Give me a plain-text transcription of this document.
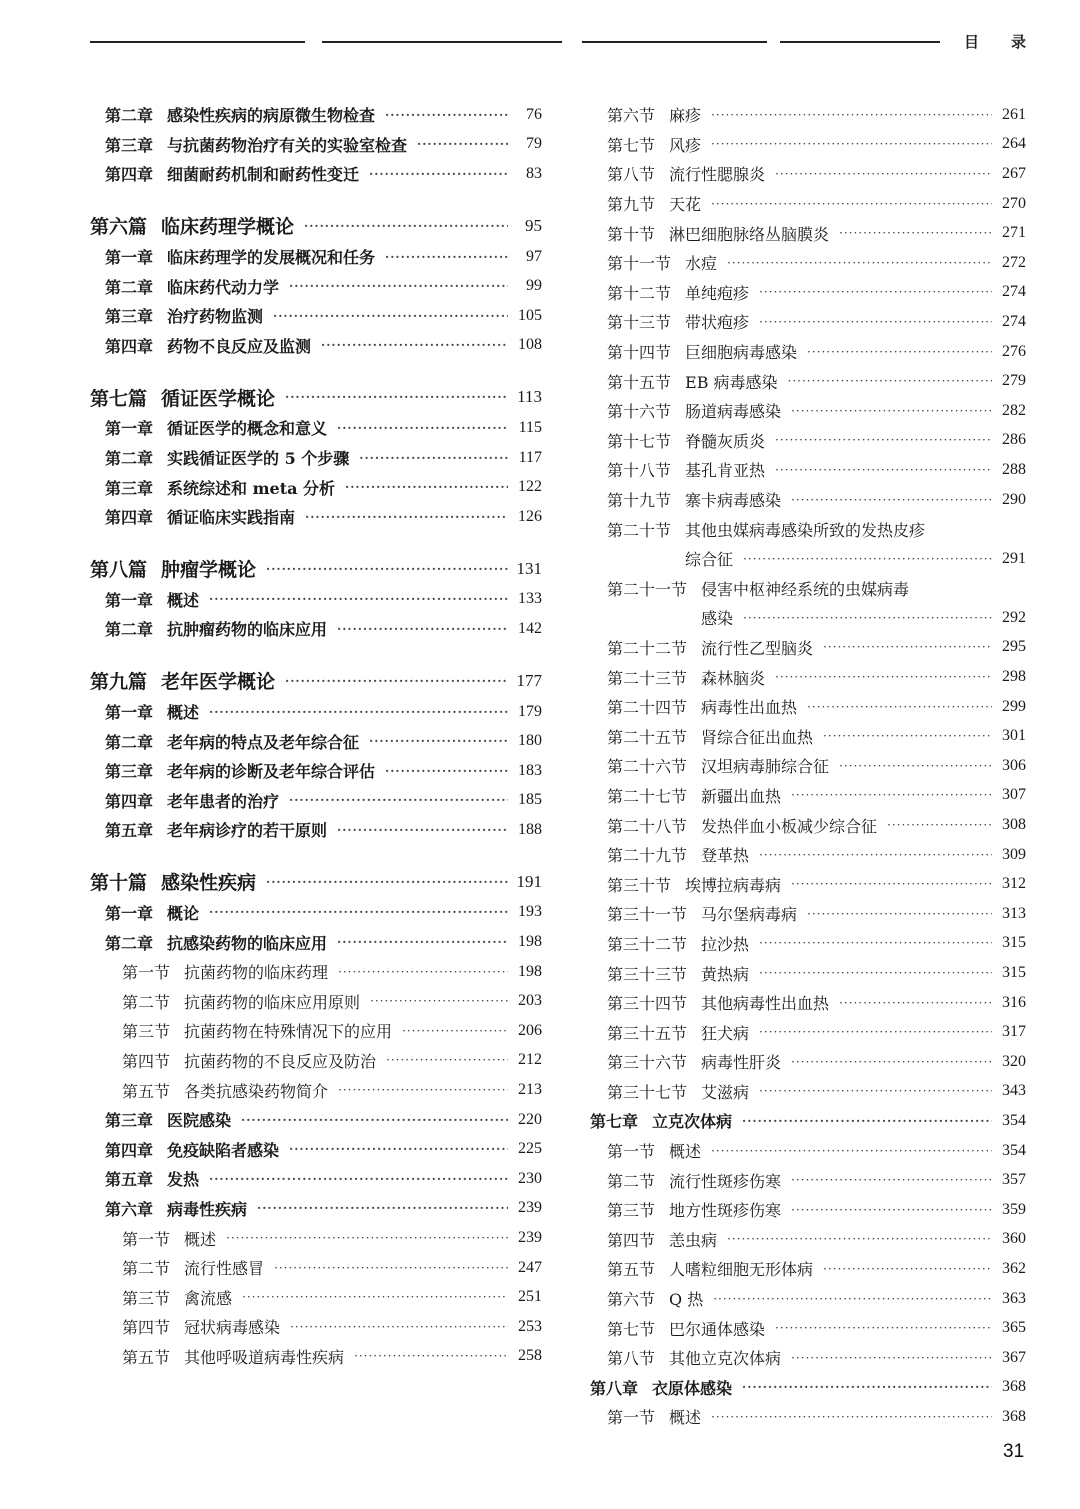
目录
第二章 感染性疾病的病原微生物检查 ·····	76
第三章 与抗菌药物治疗有关的实验室检查 ·····	79
第四章 细菌耐药机制和耐药性变迁 ·····	83
第六篇 临床药理学概论 ·····	95
第一章 临床药理学的发展概况和任务 ·····	97
第二章 临床药代动力学 ·····	99
第三章 治疗药物监测 ·····	105
第四章 药物不良反应及监测 ·····	108
第七篇 循证医学概论 ·····	113
第一章 循证医学的概念和意义 ·····	115
第二章 实践循证医学的 5 个步骤 ·····	117
第三章 系统综述和 meta 分析 ·····	122
第四章 循证临床实践指南 ·····	126
第八篇 肿瘤学概论 ·····	131
第一章 概述 ·····	133
第二章 抗肿瘤药物的临床应用 ·····	142
第九篇 老年医学概论 ·····	177
第一章 概述 ·····	179
第二章 老年病的特点及老年综合征 ·····	180
第三章 老年病的诊断及老年综合评估 ·····	183
第四章 老年患者的治疗 ·····	185
第五章 老年病诊疗的若干原则 ·····	188
第十篇 感染性疾病 ·····	191
第一章 概论 ·····	193
第二章 抗感染药物的临床应用 ·····	198
第一节 抗菌药物的临床药理 ·····	198
第二节 抗菌药物的临床应用原则 ·····	203
第三节 抗菌药物在特殊情况下的应用 ·····	206
第四节 抗菌药物的不良反应及防治 ·····	212
第五节 各类抗感染药物简介 ·····	213
第三章 医院感染 ·····	220
第四章 免疫缺陷者感染 ·····	225
第五章 发热 ·····	230
第六章 病毒性疾病 ·····	239
第一节 概述 ·····	239
第二节 流行性感冒 ·····	247
第三节 禽流感 ·····	251
第四节 冠状病毒感染 ·····	253
第五节 其他呼吸道病毒性疾病 ·····	258
第六节 麻疹 ·····	261
第七节 风疹 ·····	264
第八节 流行性腮腺炎 ·····	267
第九节 天花 ·····	270
第十节 淋巴细胞脉络丛脑膜炎 ·····	271
第十一节 水痘 ·····	272
第十二节 单纯疱疹 ·····	274
第十三节 带状疱疹 ·····	274
第十四节 巨细胞病毒感染 ·····	276
第十五节 EB 病毒感染 ·····	279
第十六节 肠道病毒感染 ·····	282
第十七节 脊髓灰质炎 ·····	286
第十八节 基孔肯亚热 ·····	288
第十九节 寨卡病毒感染 ·····	290
第二十节 其他虫媒病毒感染所致的发热皮疹
综合征 ·····	291
第二十一节 侵害中枢神经系统的虫媒病毒
感染 ·····	292
第二十二节 流行性乙型脑炎 ·····	295
第二十三节 森林脑炎 ·····	298
第二十四节 病毒性出血热 ·····	299
第二十五节 肾综合征出血热 ·····	301
第二十六节 汉坦病毒肺综合征 ·····	306
第二十七节 新疆出血热 ·····	307
第二十八节 发热伴血小板减少综合征 ·····	308
第二十九节 登革热 ·····	309
第三十节 埃博拉病毒病 ·····	312
第三十一节 马尔堡病毒病 ·····	313
第三十二节 拉沙热 ·····	315
第三十三节 黄热病 ·····	315
第三十四节 其他病毒性出血热 ·····	316
第三十五节 狂犬病 ·····	317
第三十六节 病毒性肝炎 ·····	320
第三十七节 艾滋病 ·····	343
第七章 立克次体病 ·····	354
第一节 概述 ·····	354
第二节 流行性斑疹伤寒 ·····	357
第三节 地方性斑疹伤寒 ·····	359
第四节 恙虫病 ·····	360
第五节 人嗜粒细胞无形体病 ·····	362
第六节 Q 热 ·····	363
第七节 巴尔通体感染 ·····	365
第八节 其他立克次体病 ·····	367
第八章 衣原体感染 ·····	368
第一节 概述 ·····	368
31
